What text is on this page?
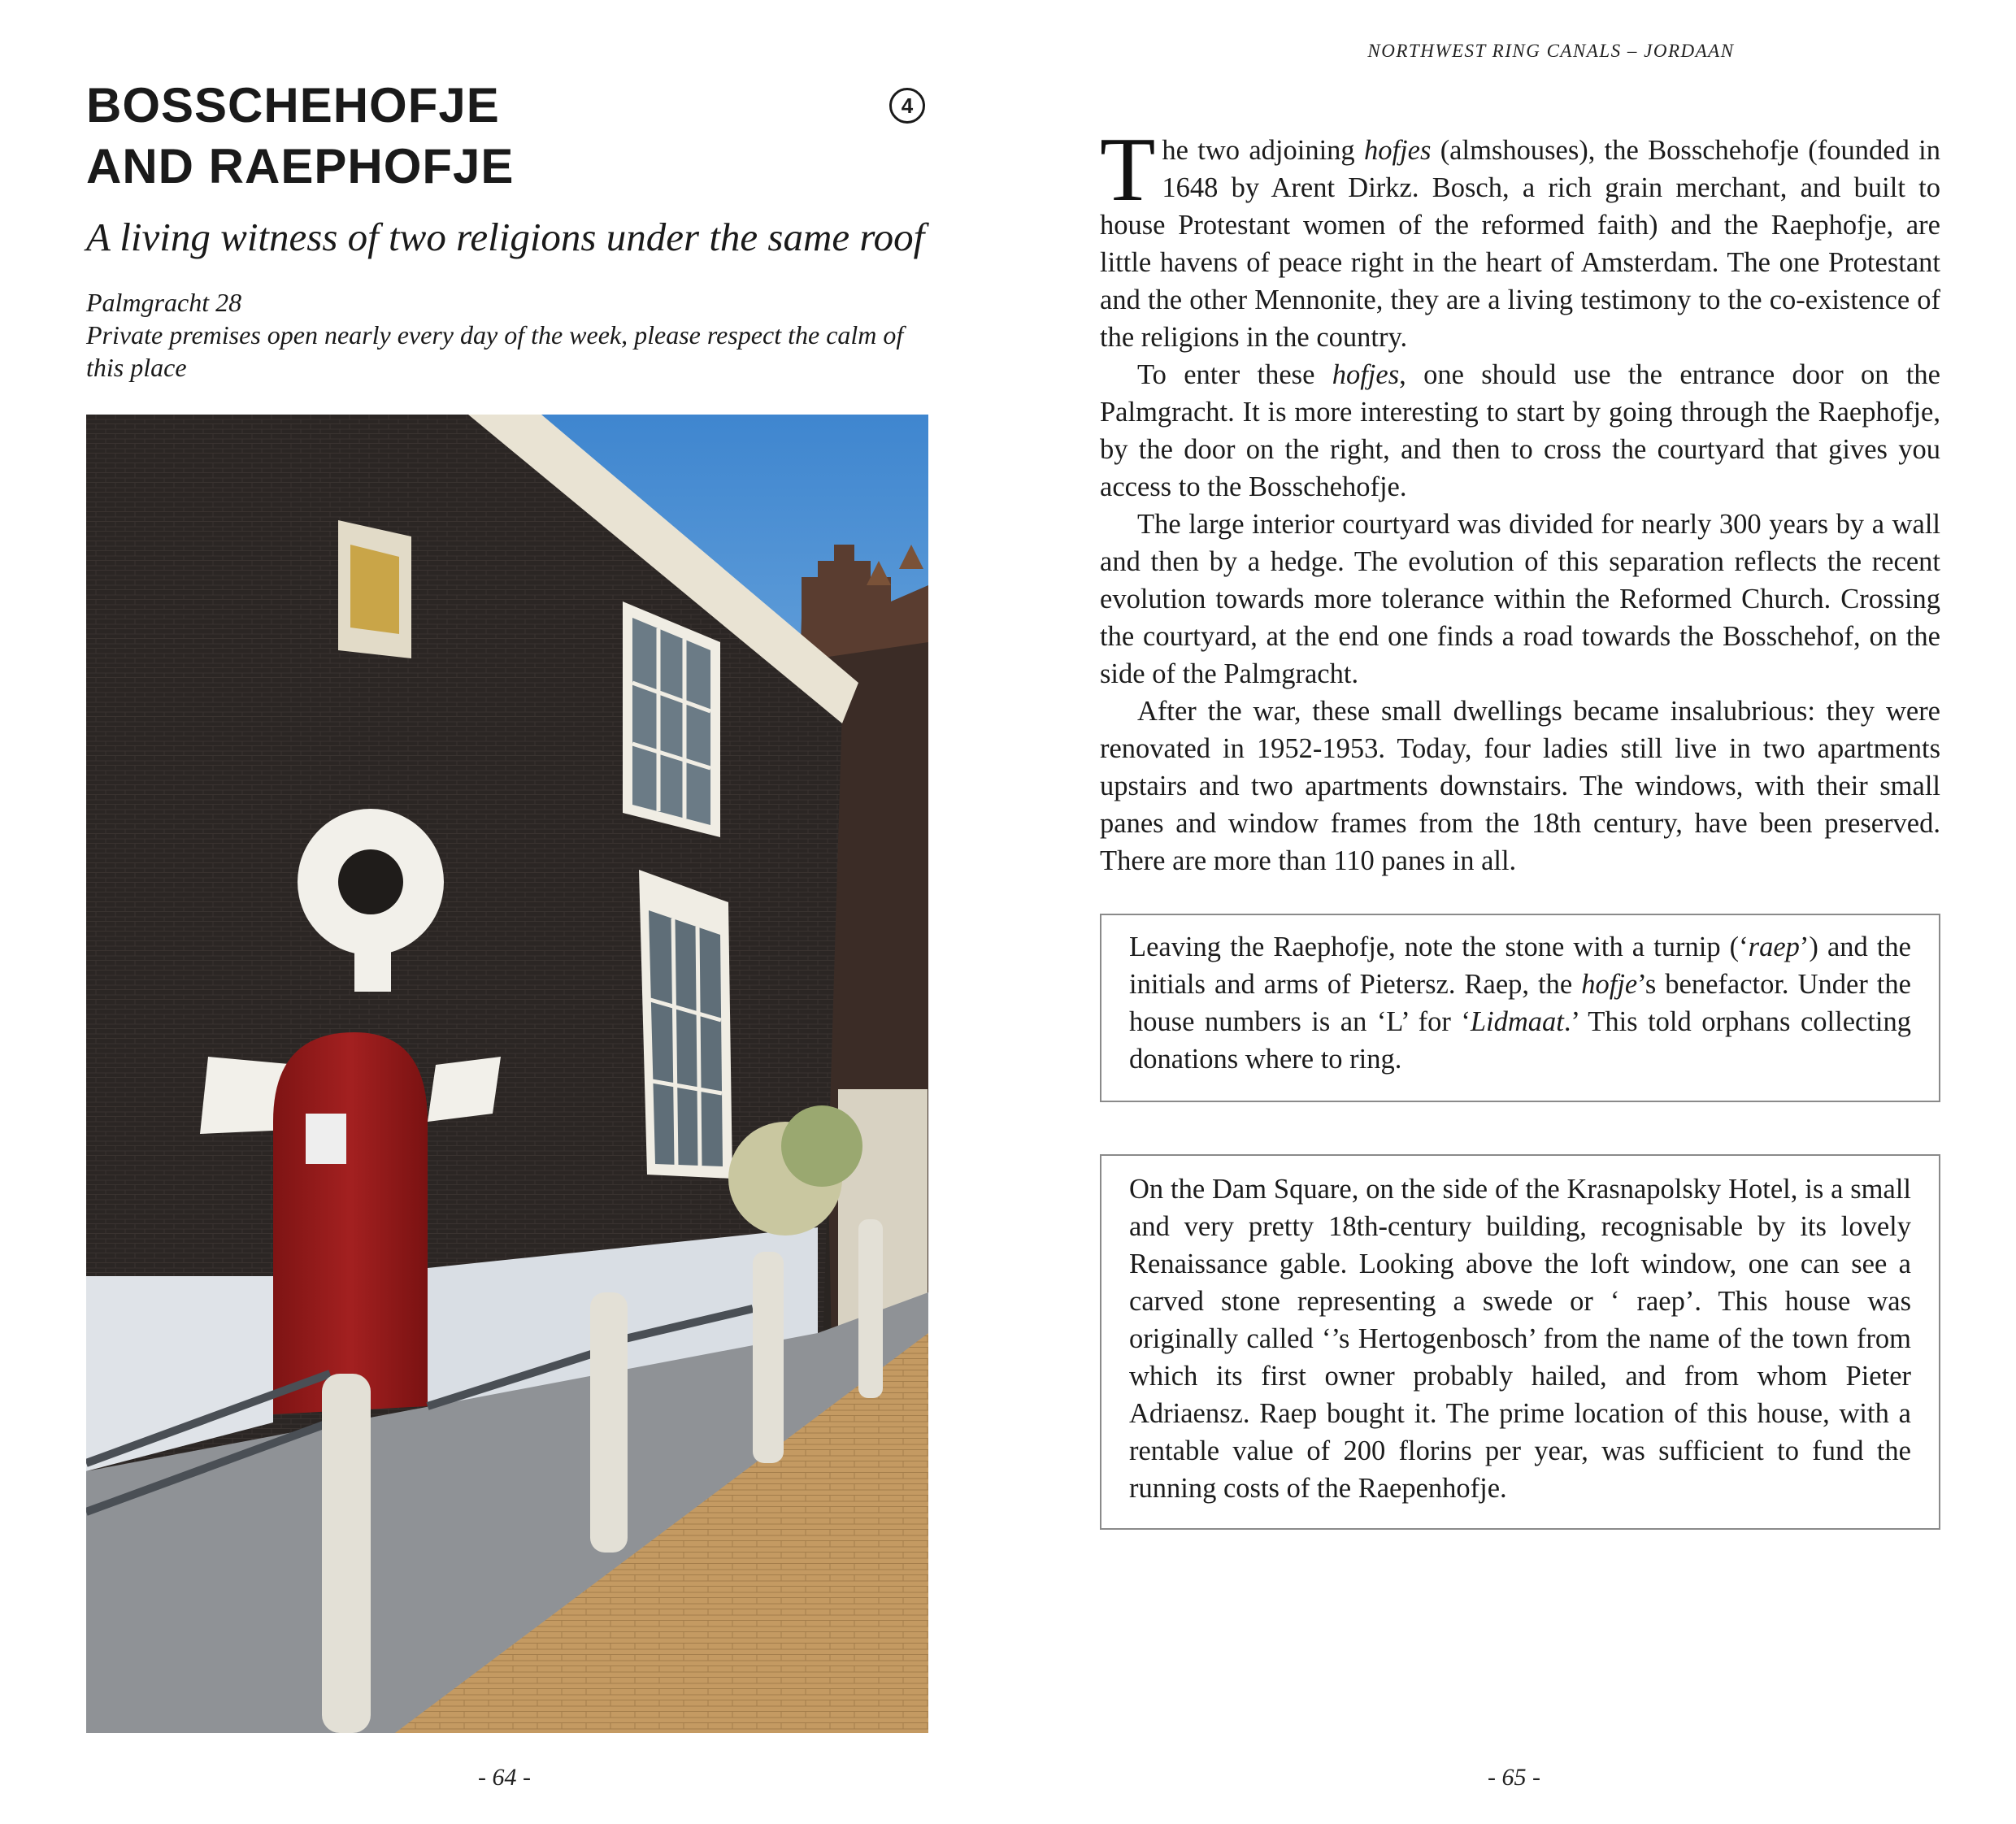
BOSSCHEHOFJE
AND RAEPHOFJE
4
A living witness of two religions under the same roof

Palmgracht 28

Private premises open nearly every day of the week, please respect the calm of this place

- 64 -

NORTHWEST RING CANALS – JORDAAN

The two adjoining hofjes (almshouses), the Bosschehofje (founded in 1648 by Arent Dirkz. Bosch, a rich grain merchant, and built to house Protestant women of the reformed faith) and the Raephofje, are little havens of peace right in the heart of Amsterdam. The one Protestant and the other Mennonite, they are a living testimony to the co-existence of the religions in the country.

To enter these hofjes, one should use the entrance door on the Palmgracht. It is more interesting to start by going through the Raephofje, by the door on the right, and then to cross the courtyard that gives you access to the Bosschehofje.

The large interior courtyard was divided for nearly 300 years by a wall and then by a hedge. The evolution of this separation reflects the recent evolution towards more tolerance within the Reformed Church. Crossing the courtyard, at the end one finds a road towards the Bosschehof, on the side of the Palmgracht.

After the war, these small dwellings became insalubrious: they were renovated in 1952-1953. Today, four ladies still live in two apartments upstairs and two apartments downstairs. The windows, with their small panes and window frames from the 18th century, have been preserved. There are more than 110 panes in all.

Leaving the Raephofje, note the stone with a turnip (‘raep’) and the initials and arms of Pietersz. Raep, the hofje’s benefactor. Under the house numbers is an ‘L’ for ‘Lidmaat.’ This told orphans collecting donations where to ring.

On the Dam Square, on the side of the Krasnapolsky Hotel, is a small and very pretty 18th-century building, recognisable by its lovely Renaissance gable. Looking above the loft window, one can see a carved stone representing a swede or ‘ raep’. This house was originally called ‘’s Hertogenbosch’ from the name of the town from which its first owner probably hailed, and from whom Pieter Adriaensz. Raep bought it. The prime location of this house, with a rentable value of 200 florins per year, was sufficient to fund the running costs of the Raepenhofje.

- 65 -
